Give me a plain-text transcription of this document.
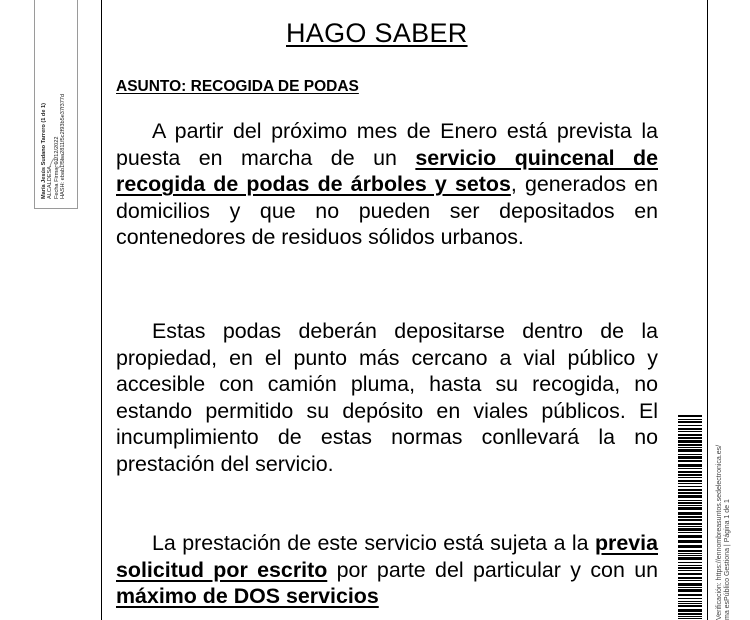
María Jesús Sudano Tarrero (1 de 1) ALCALDESA Fecha Firma: 01/12/2022 HASH: ebab1f5ba2811f5c2f93b5e37f377d
HAGO SABER
ASUNTO: RECOGIDA DE PODAS
A partir del próximo mes de Enero está prevista la puesta en marcha de un servicio quincenal de recogida de podas de árboles y setos, generados en domicilios y que no pueden ser depositados en contenedores de residuos sólidos urbanos.
Estas podas deberán depositarse dentro de la propiedad, en el punto más cercano a vial público y accesible con camión pluma, hasta su recogida, no estando permitido su depósito en viales públicos. El incumplimiento de estas normas conllevará la no prestación del servicio.
La prestación de este servicio está sujeta a la previa solicitud por escrito por parte del particular y con un máximo de DOS servicios	Verificación: https://ennombreasuntos.sedelectronica.es/ ma esPúblico Gestiona | Página 1 de 1
